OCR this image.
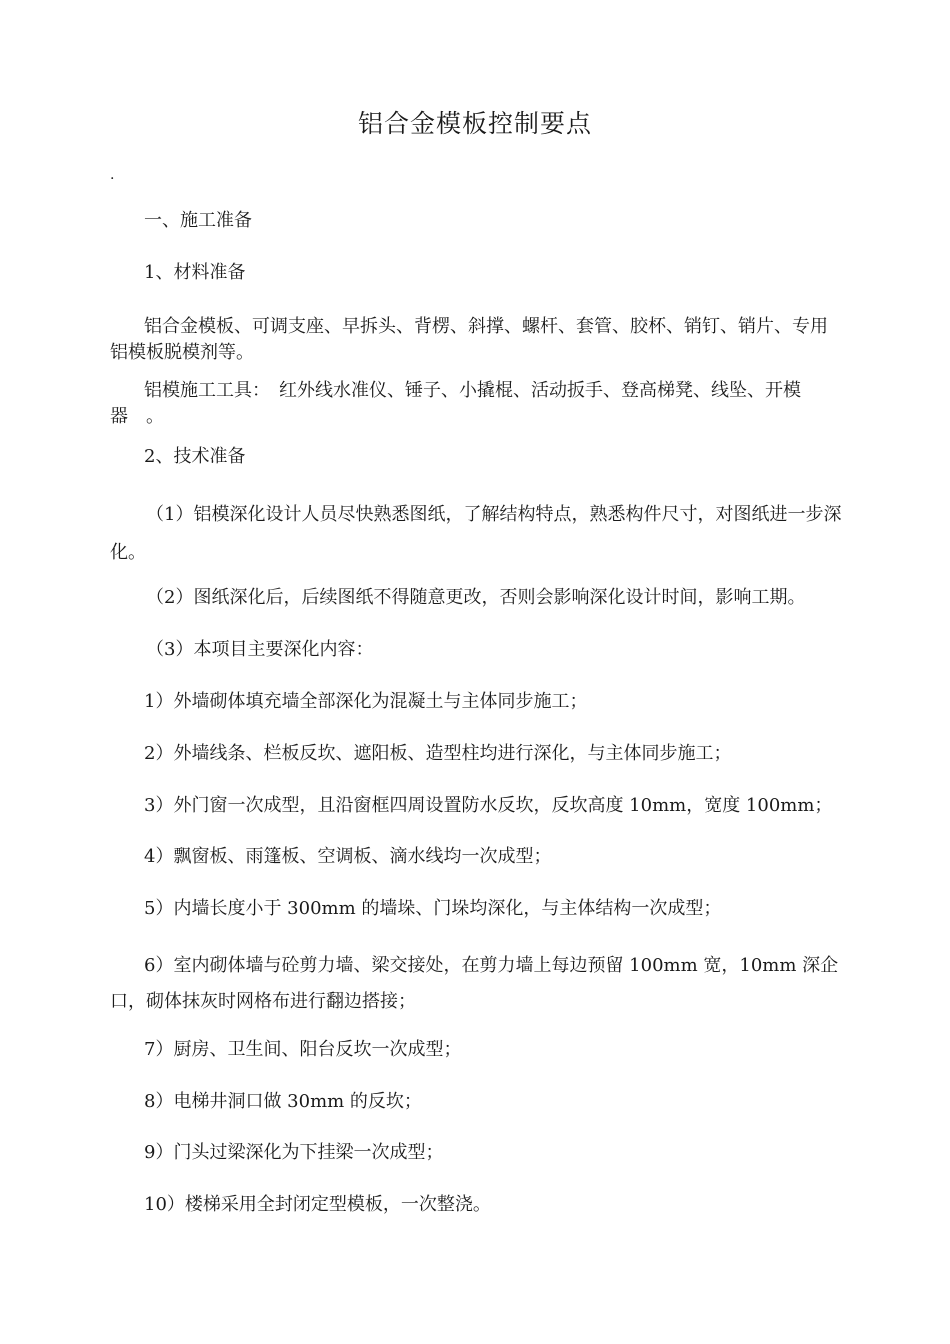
铝合金模板控制要点
.
一、施工准备
1、材料准备
铝合金模板、可调支座、早拆头、背楞、斜撑、螺杆、套管、胶杯、销钉、销片、专用铝模板脱模剂等。
铝模施工工具：　红外线水准仪、锤子、小撬棍、活动扳手、登高梯凳、线坠、开模器　。
2、技术准备
（1）铝模深化设计人员尽快熟悉图纸，了解结构特点，熟悉构件尺寸，对图纸进一步深化。
（2）图纸深化后，后续图纸不得随意更改，否则会影响深化设计时间，影响工期。
（3）本项目主要深化内容：
1）外墙砌体填充墙全部深化为混凝土与主体同步施工；
2）外墙线条、栏板反坎、遮阳板、造型柱均进行深化，与主体同步施工；
3）外门窗一次成型，且沿窗框四周设置防水反坎，反坎高度 10mm，宽度 100mm；
4）飘窗板、雨篷板、空调板、滴水线均一次成型；
5）内墙长度小于 300mm 的墙垛、门垛均深化，与主体结构一次成型；
6）室内砌体墙与砼剪力墙、梁交接处，在剪力墙上每边预留 100mm 宽，10mm 深企口，砌体抹灰时网格布进行翻边搭接；
7）厨房、卫生间、阳台反坎一次成型；
8）电梯井洞口做 30mm 的反坎；
9）门头过梁深化为下挂梁一次成型；
10）楼梯采用全封闭定型模板，一次整浇。
